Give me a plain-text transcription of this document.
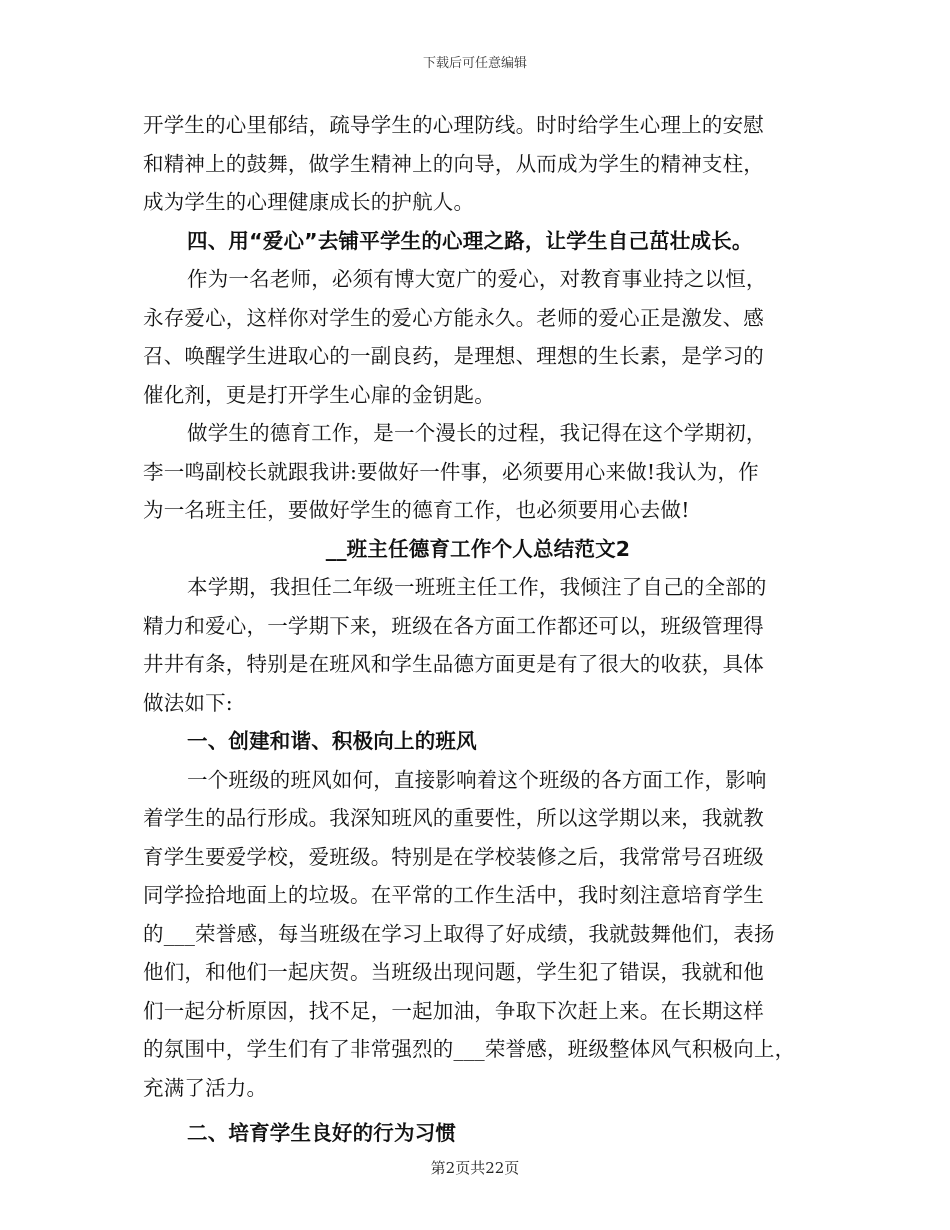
下载后可任意编辑
开学生的心里郁结，疏导学生的心理防线。时时给学生心理上的安慰
和精神上的鼓舞，做学生精神上的向导，从而成为学生的精神支柱，
成为学生的心理健康成长的护航人。
四、用“爱心”去铺平学生的心理之路，让学生自己茁壮成长。
作为一名老师，必须有博大宽广的爱心，对教育事业持之以恒，
永存爱心，这样你对学生的爱心方能永久。老师的爱心正是激发、感
召、唤醒学生进取心的一副良药，是理想、理想的生长素，是学习的
催化剂，更是打开学生心扉的金钥匙。
做学生的德育工作，是一个漫长的过程，我记得在这个学期初，
李一鸣副校长就跟我讲:要做好一件事，必须要用心来做!我认为，作
为一名班主任，要做好学生的德育工作，也必须要用心去做!
__班主任德育工作个人总结范文2
本学期，我担任二年级一班班主任工作，我倾注了自己的全部的
精力和爱心，一学期下来，班级在各方面工作都还可以，班级管理得
井井有条，特别是在班风和学生品德方面更是有了很大的收获，具体
做法如下:
一、创建和谐、积极向上的班风
一个班级的班风如何，直接影响着这个班级的各方面工作，影响
着学生的品行形成。我深知班风的重要性，所以这学期以来，我就教
育学生要爱学校，爱班级。特别是在学校装修之后，我常常号召班级
同学捡拾地面上的垃圾。在平常的工作生活中，我时刻注意培育学生
的___荣誉感，每当班级在学习上取得了好成绩，我就鼓舞他们，表扬
他们，和他们一起庆贺。当班级出现问题，学生犯了错误，我就和他
们一起分析原因，找不足，一起加油，争取下次赶上来。在长期这样
的氛围中，学生们有了非常强烈的___荣誉感，班级整体风气积极向上，
充满了活力。
二、培育学生良好的行为习惯
第2页共22页
